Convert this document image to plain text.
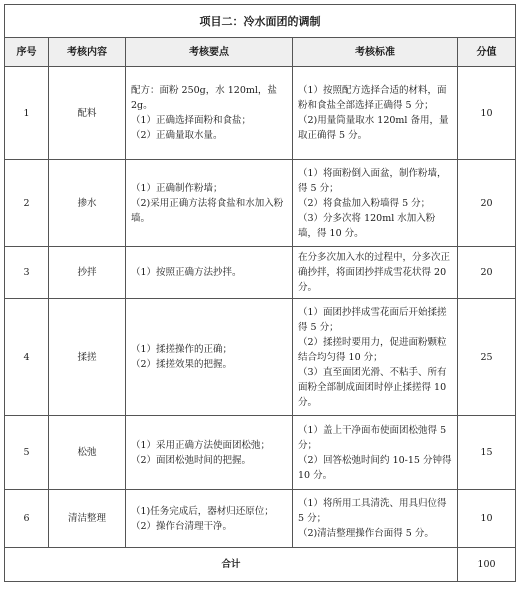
项目二：冷水面团的调制				
序号	考核内容	考核要点	考核标准	分值
1	配料	配方：面粉 250g，水 120ml，盐 2g。
（1）正确选择面粉和食盐；
（2）正确量取水量。	（1）按照配方选择合适的材料，面粉和食盐全部选择正确得 5 分；
（2)用量筒量取水 120ml 备用，量取正确得 5 分。	10
2	掺水	（1）正确制作粉墙；
（2)采用正确方法将食盐和水加入粉墙。	（1）将面粉倒入面盆，制作粉墙，得 5 分；
（2）将食盐加入粉墙得 5 分；
（3）分多次将 120ml 水加入粉墙，得 10 分。	20
3	抄拌	（1）按照正确方法抄拌。	在分多次加入水的过程中，分多次正确抄拌，将面团抄拌成雪花状得 20 分。	20
4	揉搓	（1）揉搓操作的正确；
（2）揉搓效果的把握。	（1）面团抄拌成雪花面后开始揉搓得 5 分；
（2）揉搓时要用力，促进面粉颗粒结合均匀得 10 分；
（3）直至面团光滑、不粘手、所有面粉全部制成面团时停止揉搓得 10 分。	25
5	松弛	（1）采用正确方法使面团松弛；
（2）面团松弛时间的把握。	（1）盖上干净面布使面团松弛得 5 分；
（2）回答松弛时间约 10-15 分钟得 10 分。	15
6	清洁整理	（1)任务完成后，器材归还原位；
（2）操作台清理干净。	（1）将所用工具清洗、用具归位得 5 分；
（2)清洁整理操作台面得 5 分。	10
合计				100
